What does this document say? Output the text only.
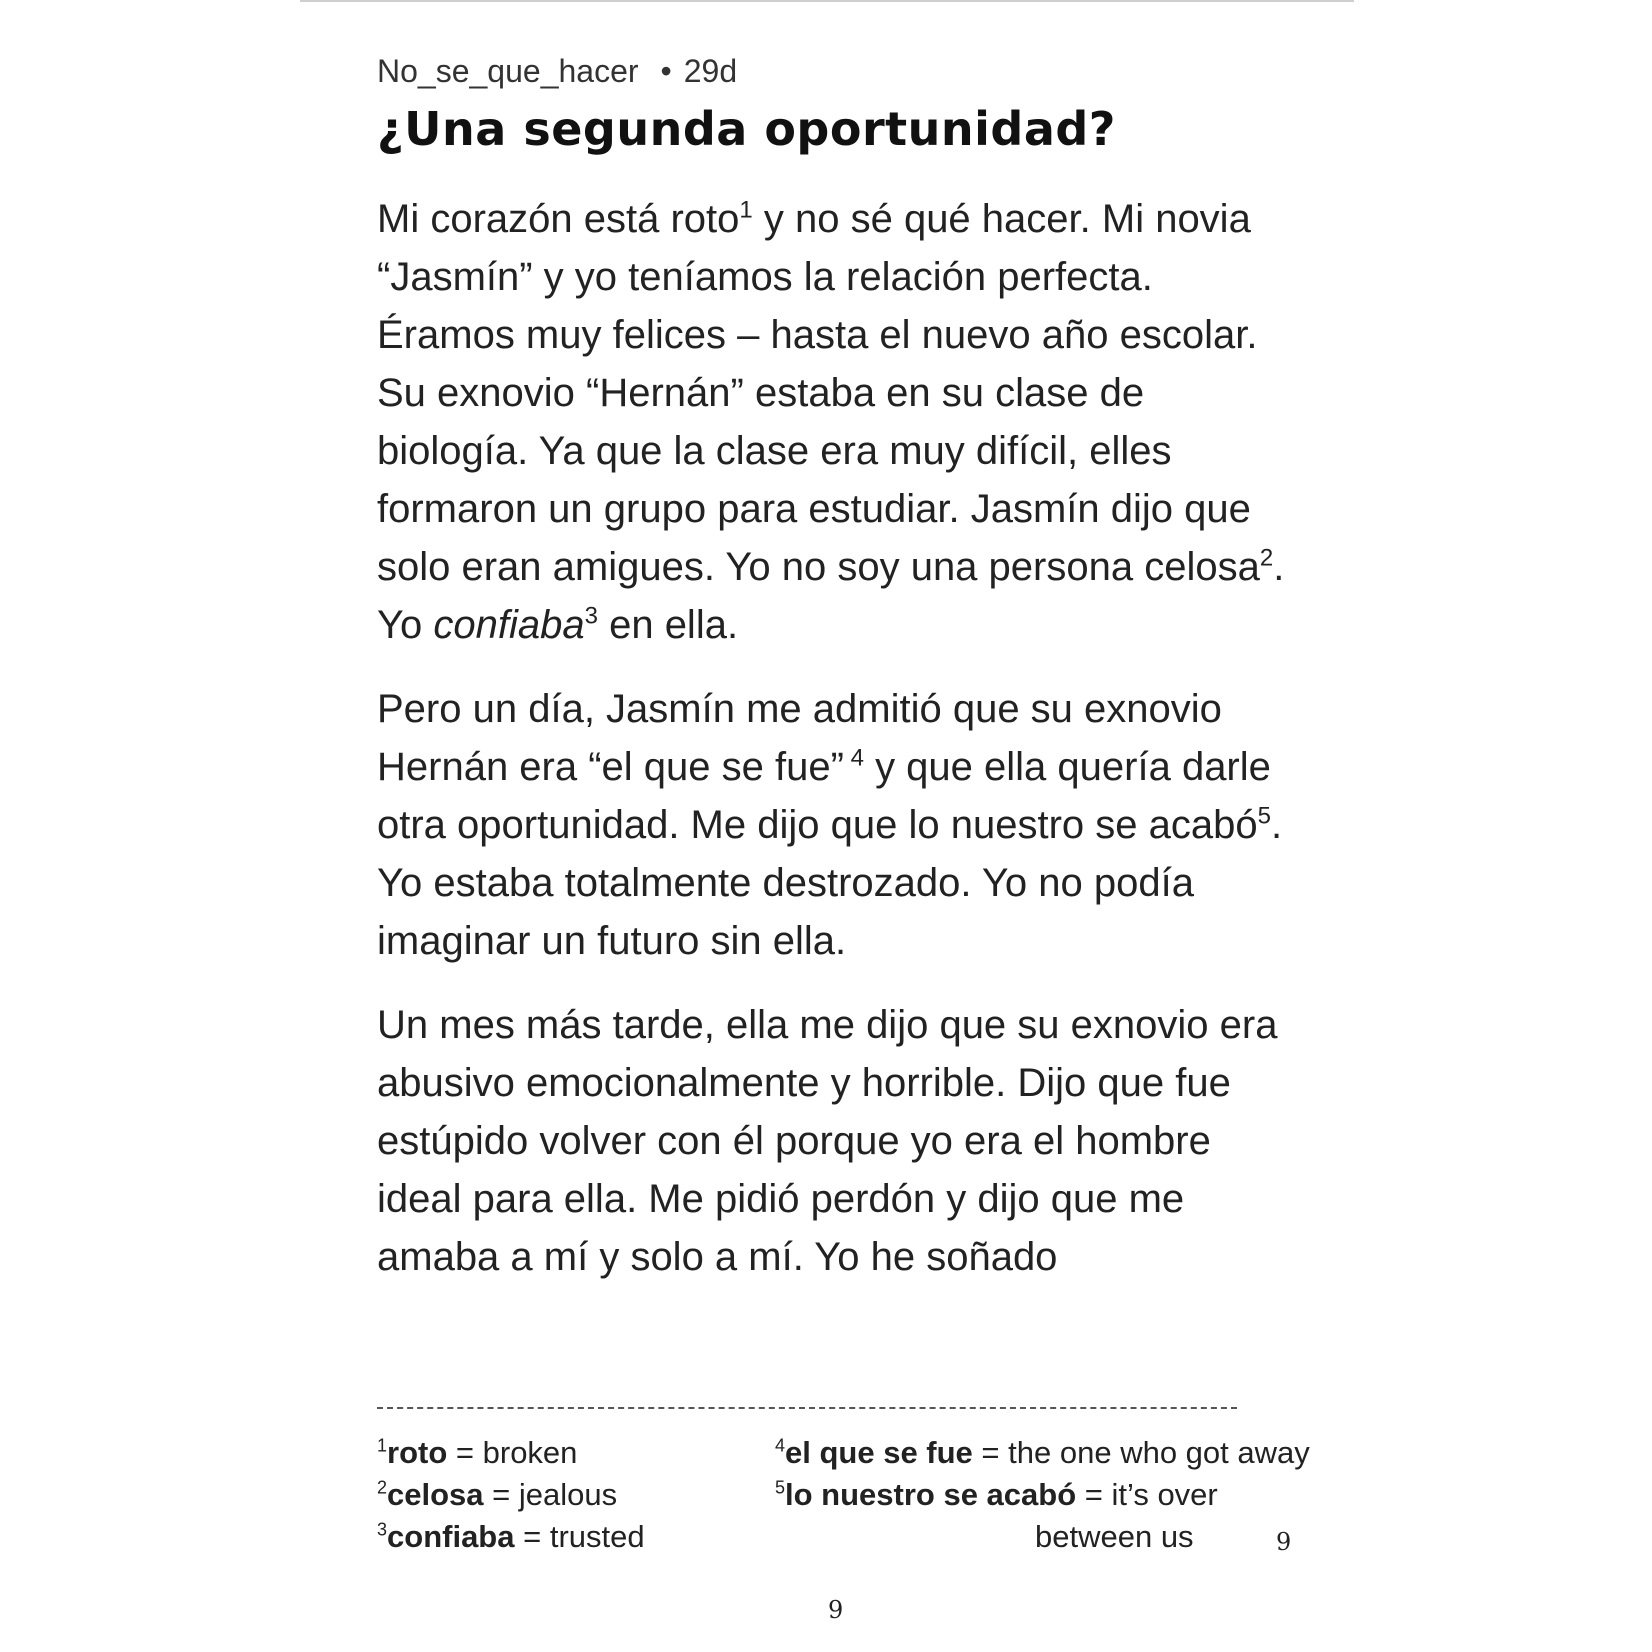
No_se_que_hacer • 29d

¿Una segunda oportunidad?

Mi corazón está roto$^1$ y no sé qué hacer. Mi novia “Jasmín” y yo teníamos la relación perfecta. Éramos muy felices – hasta el nuevo año escolar. Su exnovio “Hernán” estaba en su clase de biología. Ya que la clase era muy difícil, elles formaron un grupo para estudiar. Jasmín dijo que solo eran amigues. Yo no soy una persona celosa$^2$. Yo confiaba$^3$ en ella.

Pero un día, Jasmín me admitió que su exnovio Hernán era “el que se fue” $^4$ y que ella quería darle otra oportunidad. Me dijo que lo nuestro se acabó$^5$. Yo estaba totalmente destrozado. Yo no podía imaginar un futuro sin ella.

Un mes más tarde, ella me dijo que su exnovio era abusivo emocionalmente y horrible. Dijo que fue estúpido volver con él porque yo era el hombre ideal para ella. Me pidió perdón y dijo que me amaba a mí y solo a mí. Yo he soñado

$^1$roto = broken
$^2$celosa = jealous
$^3$confiaba = trusted
$^4$el que se fue = the one who got away
$^5$lo nuestro se acabó = it’s over
between us	9
9
